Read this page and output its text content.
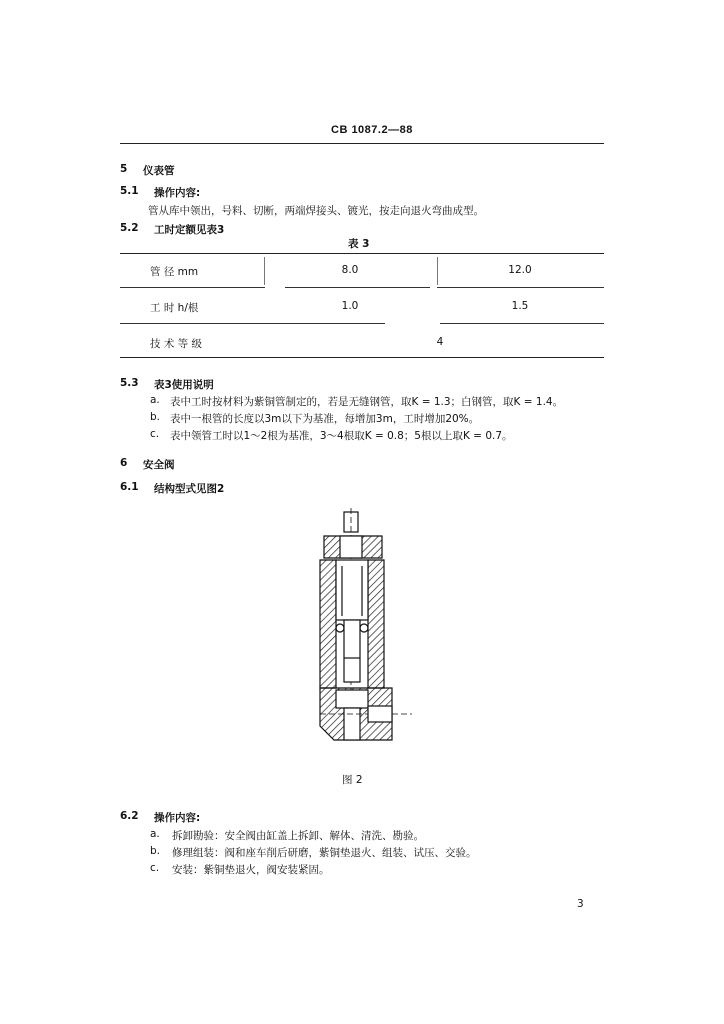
CB 1087.2—88
5 仪表管
5.1 操作内容:
管从库中领出，号料、切断，两端焊接头、镀光，按走向退火弯曲成型。
5.2 工时定额见表3
表 3
管 径 mm	8.0	12.0
工 时 h/根	1.0	1.5
技 术 等 级	4
5.3 表3使用说明
a. 表中工时按材料为紫铜管制定的，若是无缝钢管，取K = 1.3；白钢管，取K = 1.4。
b. 表中一根管的长度以3m以下为基准，每增加3m，工时增加20%。
c. 表中领管工时以1～2根为基准，3～4根取K = 0.8；5根以上取K = 0.7。
6 安全阀
6.1 结构型式见图2
图 2
6.2 操作内容:
a. 拆卸勘验：安全阀由缸盖上拆卸、解体、清洗、勘验。
b. 修理组装：阀和座车削后研磨，紫铜垫退火、组装、试压、交验。
c. 安装：紫铜垫退火，阀安装紧固。
3
